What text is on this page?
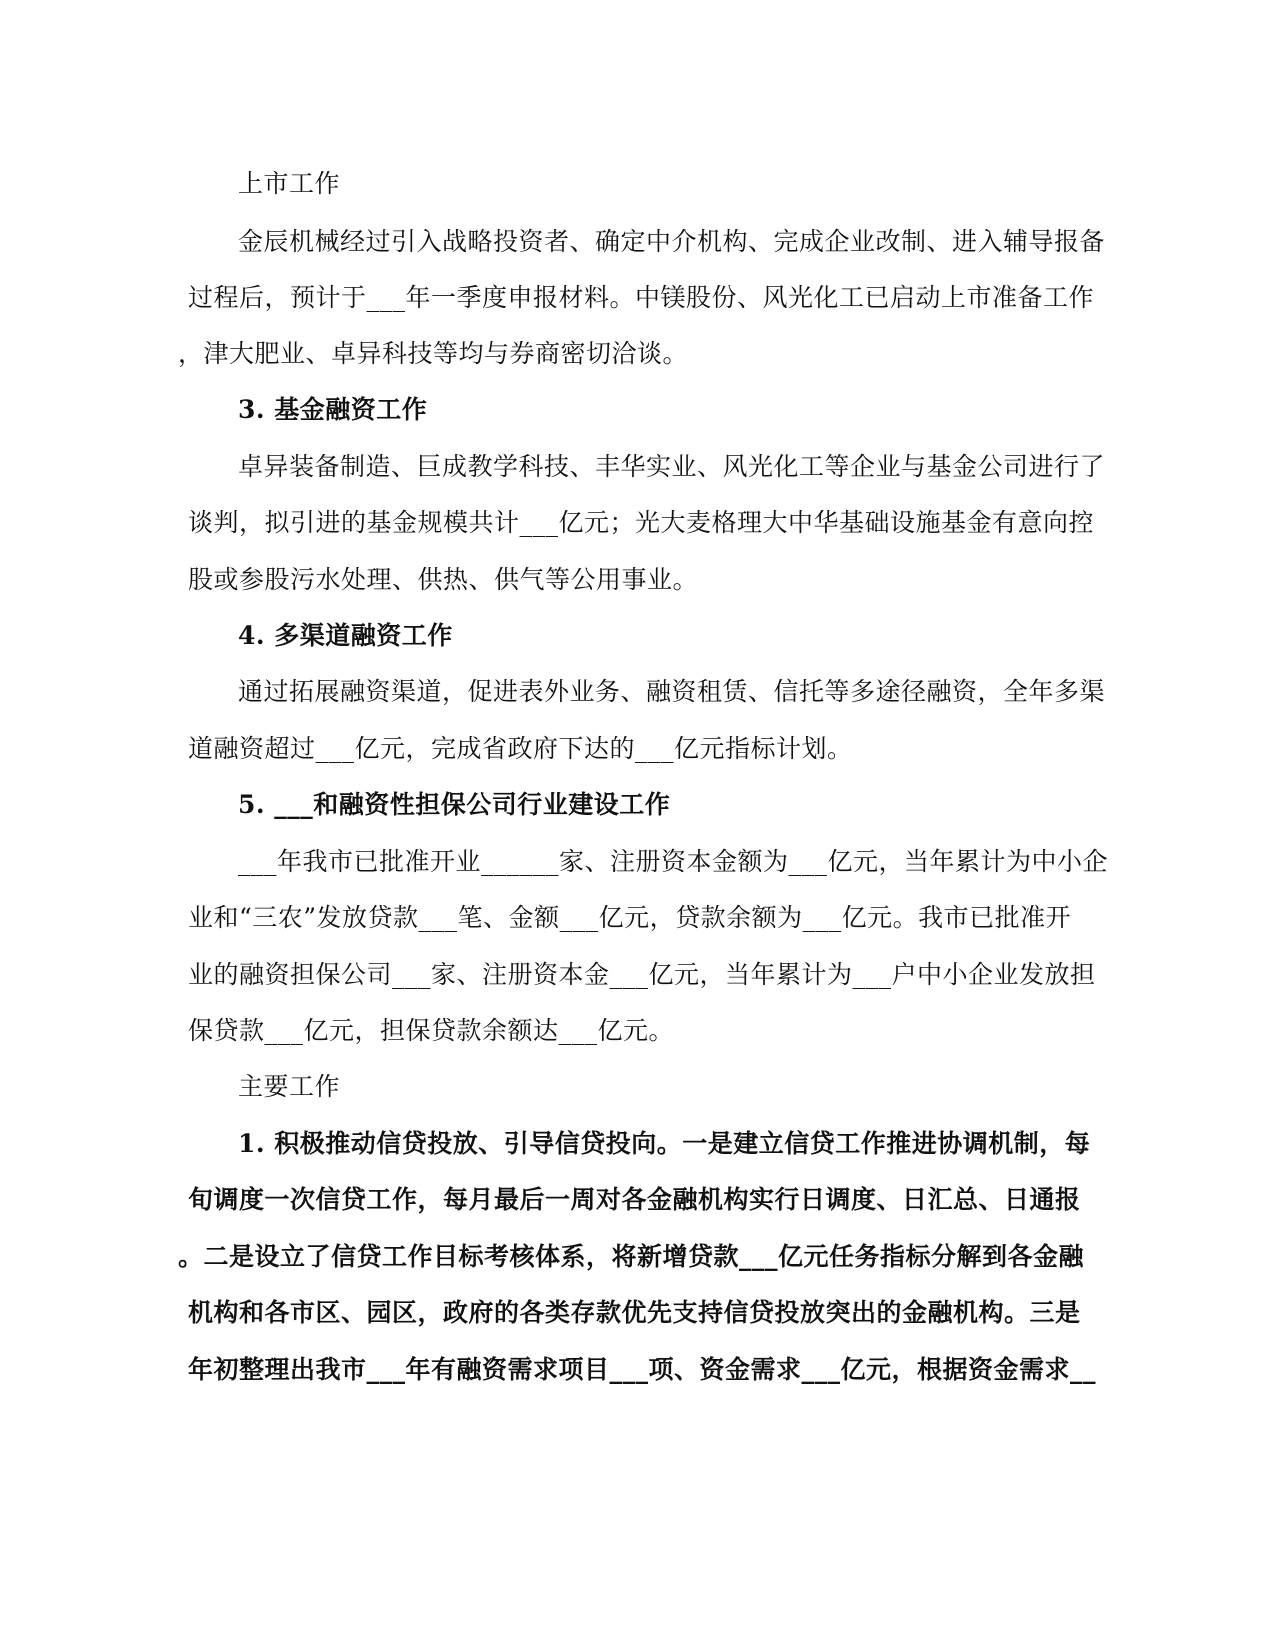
上市工作
金辰机械经过引入战略投资者、确定中介机构、完成企业改制、进入辅导报备
过程后，预计于___年一季度申报材料。中镁股份、风光化工已启动上市准备工作
，津大肥业、卓异科技等均与券商密切洽谈。
3. 基金融资工作
卓异装备制造、巨成教学科技、丰华实业、风光化工等企业与基金公司进行了
谈判，拟引进的基金规模共计___亿元；光大麦格理大中华基础设施基金有意向控
股或参股污水处理、供热、供气等公用事业。
4. 多渠道融资工作
通过拓展融资渠道，促进表外业务、融资租赁、信托等多途径融资，全年多渠
道融资超过___亿元，完成省政府下达的___亿元指标计划。
5. ___和融资性担保公司行业建设工作
___年我市已批准开业______家、注册资本金额为___亿元，当年累计为中小企
业和“三农”发放贷款___笔、金额___亿元，贷款余额为___亿元。我市已批准开
业的融资担保公司___家、注册资本金___亿元，当年累计为___户中小企业发放担
保贷款___亿元，担保贷款余额达___亿元。
主要工作
1. 积极推动信贷投放、引导信贷投向。一是建立信贷工作推进协调机制，每
旬调度一次信贷工作，每月最后一周对各金融机构实行日调度、日汇总、日通报
。二是设立了信贷工作目标考核体系，将新增贷款___亿元任务指标分解到各金融
机构和各市区、园区，政府的各类存款优先支持信贷投放突出的金融机构。三是
年初整理出我市___年有融资需求项目___项、资金需求___亿元，根据资金需求__
